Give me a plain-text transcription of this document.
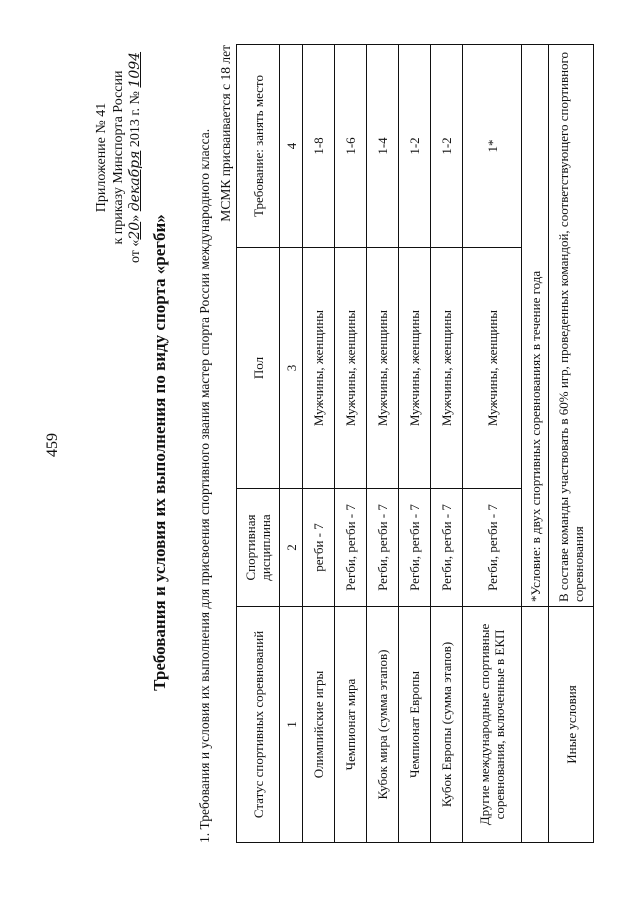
459
Приложение № 41 к приказу Минспорта России
от «20» декабря 2013 г. № 1094
Требования и условия их выполнения по виду спорта «регби» 1. Требования и условия их выполнения для присвоения спортивного звания мастер спорта России международного класса. МСМК присваивается с 18 лет
Статус спортивных соревнований	Спортивная дисциплина	Пол	Требование: занять место
1	2	3	4
Олимпийские игры	регби - 7	Мужчины, женщины	1-8
Чемпионат мира	Регби, регби - 7	Мужчины, женщины	1-6
Кубок мира (сумма этапов)	Регби, регби - 7	Мужчины, женщины	1-4
Чемпионат Европы	Регби, регби - 7	Мужчины, женщины	1-2
Кубок Европы (сумма этапов)	Регби, регби - 7	Мужчины, женщины	1-2
Другие международные спортивные соревнования, включенные в ЕКП	Регби, регби - 7	Мужчины, женщины	1*
	*Условие: в двух спортивных соревнованиях в течение года		
Иные условия	В составе команды участвовать в 60% игр, проведенных командой, соответствующего спортивного соревнования		
